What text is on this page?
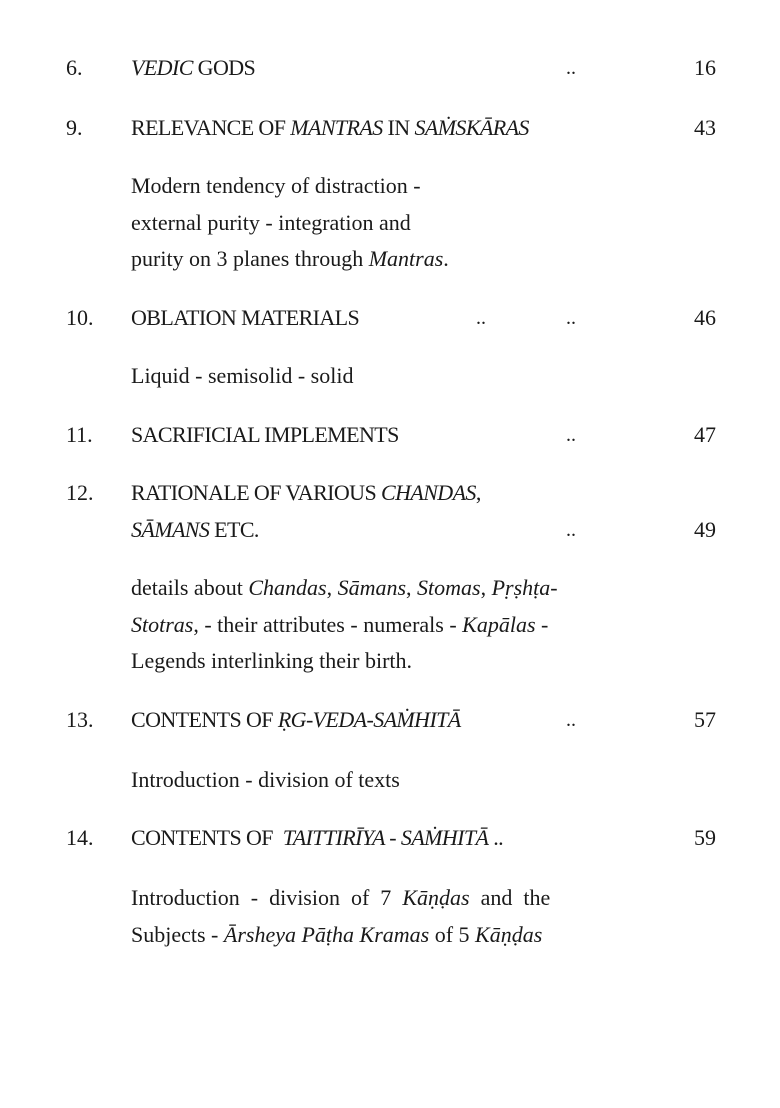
6. VEDIC GODS	..	16
9. RELEVANCE OF MANTRAS IN SAṀSKĀRAS	43
10. OBLATION MATERIALS	..	..	46
11. SACRIFICIAL IMPLEMENTS	..	47
12. RATIONALE OF VARIOUS CHANDAS,
SĀMANS ETC.	..	49
13. CONTENTS OF ṚG-VEDA-SAṀHITĀ	..	57
14. CONTENTS OF  TAITTIRĪYA - SAṀHITĀ ..	59
Modern tendency of distraction -
external purity - integration and
purity on 3 planes through Mantras.
Liquid - semisolid - solid
details about Chandas, Sāmans, Stomas, Pṛṣhṭa-
Stotras, - their attributes - numerals - Kapālas -
Legends interlinking their birth.
Introduction - division of texts
Introduction  -  division  of  7  Kāṇḍas  and  the
Subjects - Ārsheya Pāṭha Kramas of 5 Kāṇḍas
